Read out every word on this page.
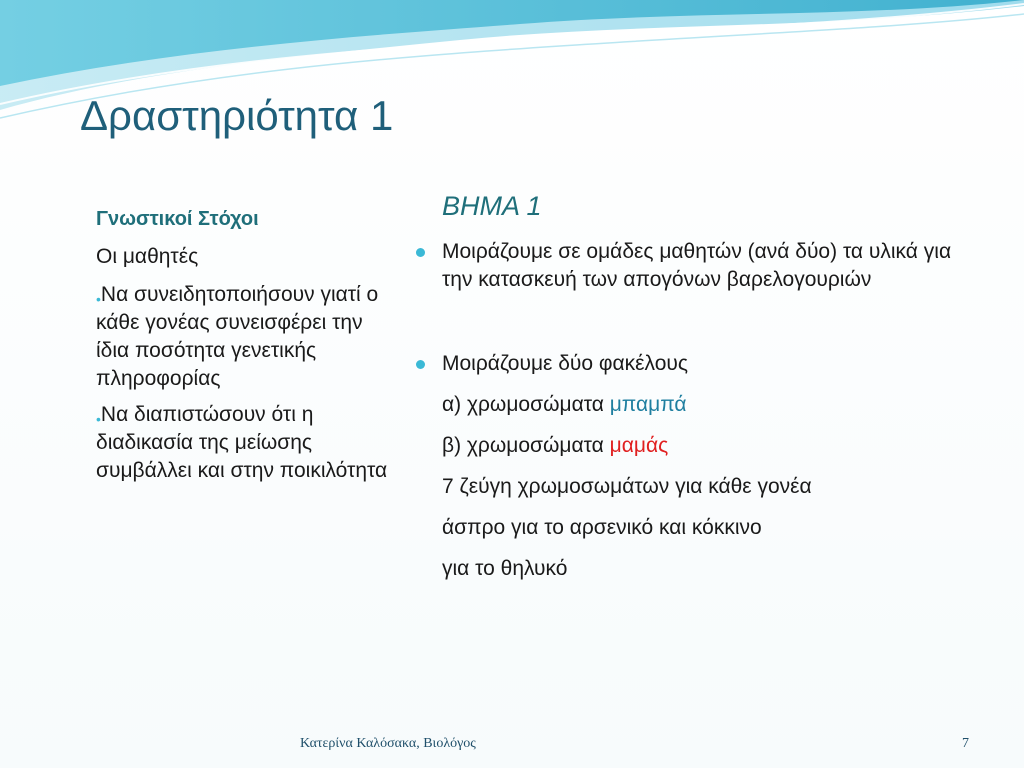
Δραστηριότητα 1
Γνωστικοί Στόχοι
Οι μαθητές
•Να συνειδητοποιήσουν γιατί ο κάθε γονέας συνεισφέρει την ίδια ποσότητα γενετικής πληροφορίας
•Να διαπιστώσουν ότι η διαδικασία της μείωσης συμβάλλει και στην ποικιλότητα
ΒΗΜΑ 1
Μοιράζουμε σε ομάδες μαθητών (ανά δύο) τα υλικά για την κατασκευή των απογόνων βαρελογουριών
Μοιράζουμε δύο φακέλους
α) χρωμοσώματα μπαμπά
β) χρωμοσώματα μαμάς
7 ζεύγη χρωμοσωμάτων για κάθε γονέα
άσπρο για το αρσενικό και κόκκινο
για το θηλυκό
Κατερίνα Καλόσακα, Βιολόγος	7
